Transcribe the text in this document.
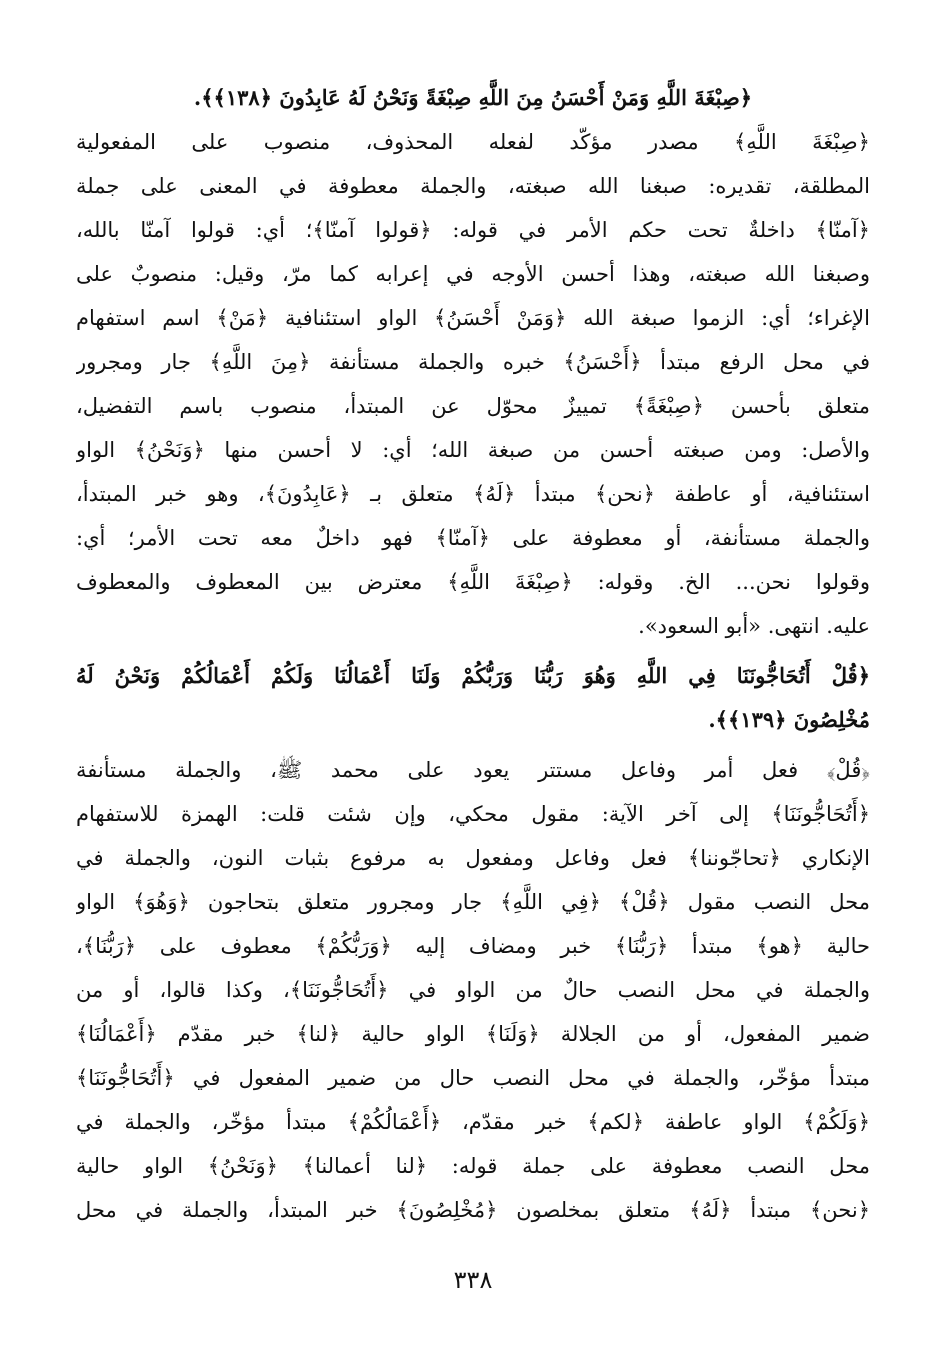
﴿صِبْغَةَ اللَّهِ وَمَنْ أَحْسَنُ مِنَ اللَّهِ صِبْغَةً وَنَحْنُ لَهُ عَابِدُونَ ﴿١٣٨﴾﴾.
﴿صِبْغَةَ اللَّهِ﴾ مصدر مؤكّد لفعله المحذوف، منصوب على المفعولية
المطلقة، تقديره: صبغنا الله صبغته، والجملة معطوفة في المعنى على جملة
﴿آمنّا﴾ داخلةٌ تحت حكم الأمر في قوله: ﴿قولوا آمنّا﴾؛ أي: قولوا آمنّا بالله،
وصبغنا الله صبغته، وهذا أحسن الأوجه في إعرابه كما مرّ، وقيل: منصوبٌ على
الإغراء؛ أي: الزموا صبغة الله ﴿وَمَنْ أَحْسَنُ﴾ الواو استئنافية ﴿مَنْ﴾ اسم استفهام
في محل الرفع مبتدأ ﴿أَحْسَنُ﴾ خبره والجملة مستأنفة ﴿مِنَ اللَّهِ﴾ جار ومجرور
متعلق بأحسن ﴿صِبْغَةً﴾ تمييزٌ محوّل عن المبتدأ، منصوب باسم التفضيل،
والأصل: ومن صبغته أحسن من صبغة الله؛ أي: لا أحسن منها ﴿وَنَحْنُ﴾ الواو
استئنافية، أو عاطفة ﴿نحن﴾ مبتدأ ﴿لَهُ﴾ متعلق بـ ﴿عَابِدُونَ﴾، وهو خبر المبتدأ،
والجملة مستأنفة، أو معطوفة على ﴿آمنّا﴾ فهو داخلٌ معه تحت الأمر؛ أي:
وقولوا نحن... الخ. وقوله: ﴿صِبْغَةَ اللَّهِ﴾ معترض بين المعطوف والمعطوف
عليه. انتهى. «أبو السعود».
﴿قُلْ أَتُحَاجُّونَنَا فِي اللَّهِ وَهُوَ رَبُّنَا وَرَبُّكُمْ وَلَنَا أَعْمَالُنَا وَلَكُمْ أَعْمَالُكُمْ وَنَحْنُ لَهُ
مُخْلِصُونَ ﴿١٣٩﴾﴾.
﴿قُلْ﴾ فعل أمر وفاعل مستتر يعود على محمد ﷺ، والجملة مستأنفة
﴿أَتُحَاجُّونَنَا﴾ إلى آخر الآية: مقول محكي، وإن شئت قلت: الهمزة للاستفهام
الإنكاري ﴿تحاجّوننا﴾ فعل وفاعل ومفعول به مرفوع بثبات النون، والجملة في
محل النصب مقول ﴿قُلْ﴾ ﴿فِي اللَّهِ﴾ جار ومجرور متعلق بتحاجون ﴿وَهُوَ﴾ الواو
حالية ﴿هو﴾ مبتدأ ﴿رَبُّنَا﴾ خبر ومضاف إليه ﴿وَرَبُّكُمْ﴾ معطوف على ﴿رَبُّنَا﴾،
والجملة في محل النصب حالٌ من الواو في ﴿أَتُحَاجُّونَنَا﴾، وكذا قالوا، أو من
ضمير المفعول، أو من الجلالة ﴿وَلَنَا﴾ الواو حالية ﴿لنا﴾ خبر مقدّم ﴿أَعْمَالُنَا﴾
مبتدأ مؤخّر، والجملة في محل النصب حال من ضمير المفعول في ﴿أَتُحَاجُّونَنَا﴾
﴿وَلَكُمْ﴾ الواو عاطفة ﴿لكم﴾ خبر مقدّم، ﴿أَعْمَالُكُمْ﴾ مبتدأ مؤخّر، والجملة في
محل النصب معطوفة على جملة قوله: ﴿لنا أعمالنا﴾ ﴿وَنَحْنُ﴾ الواو حالية
﴿نحن﴾ مبتدأ ﴿لَهُ﴾ متعلق بمخلصون ﴿مُخْلِصُونَ﴾ خبر المبتدأ، والجملة في محل
٣٣٨
